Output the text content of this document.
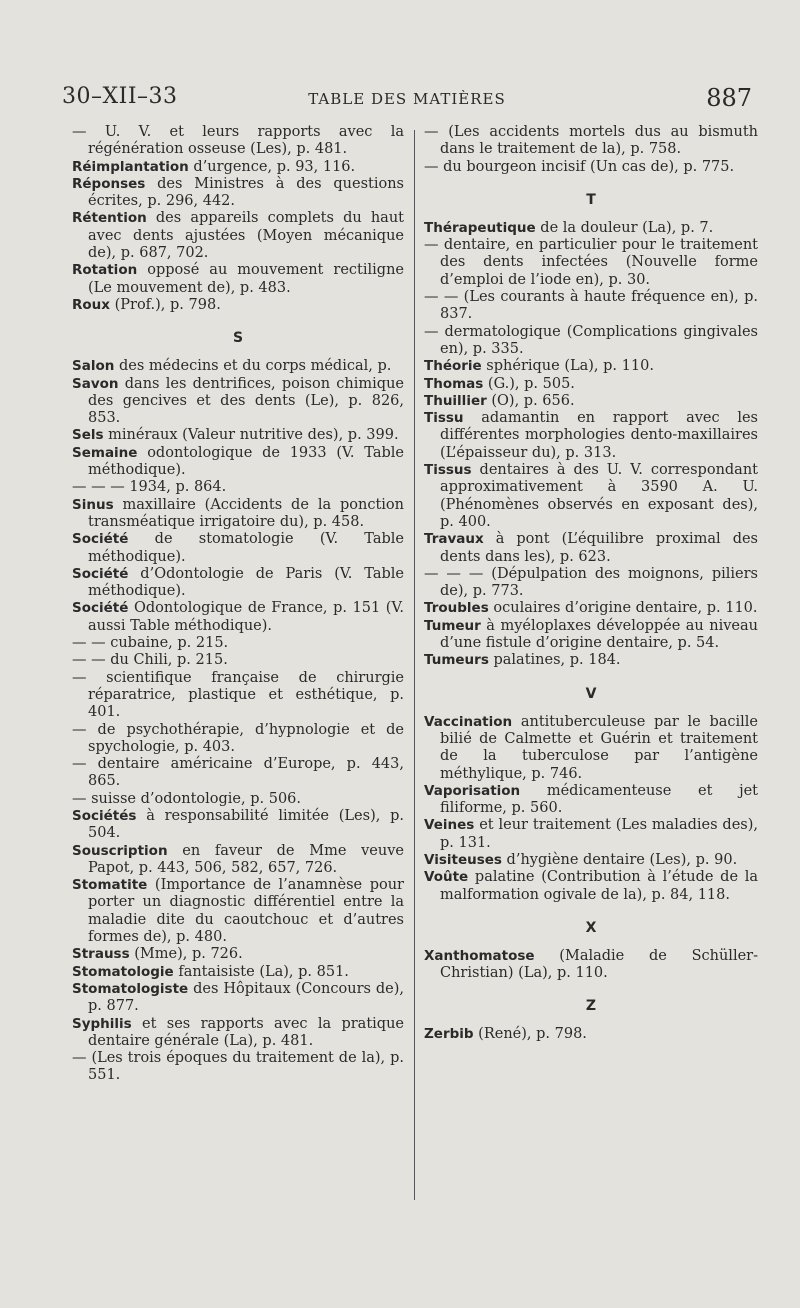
30–XII–33	TABLE DES MATIÈRES	887
— U. V. et leurs rapports avec la régénération osseuse (Les), p. 481.
Réimplantation d’urgence, p. 93, 116.
Réponses des Ministres à des questions écrites, p. 296, 442.
Rétention des appareils complets du haut avec dents ajustées (Moyen mécanique de), p. 687, 702.
Rotation opposé au mouvement rectiligne (Le mouvement de), p. 483.
Roux (Prof.), p. 798.
S
Salon des médecins et du corps médical, p.
Savon dans les dentrifices, poison chimique des gencives et des dents (Le), p. 826, 853.
Sels minéraux (Valeur nutritive des), p. 399.
Semaine odontologique de 1933 (V. Table méthodique).
— — — 1934, p. 864.
Sinus maxillaire (Accidents de la ponction transméatique irrigatoire du), p. 458.
Société de stomatologie (V. Table méthodique).
Société d’Odontologie de Paris (V. Table méthodique).
Société Odontologique de France, p. 151 (V. aussi Table méthodique).
— — cubaine, p. 215.
— — du Chili, p. 215.
— scientifique française de chirurgie réparatrice, plastique et esthétique, p. 401.
— de psychothérapie, d’hypnologie et de spychologie, p. 403.
— dentaire américaine d’Europe, p. 443, 865.
— suisse d’odontologie, p. 506.
Sociétés à responsabilité limitée (Les), p. 504.
Souscription en faveur de Mme veuve Papot, p. 443, 506, 582, 657, 726.
Stomatite (Importance de l’anamnèse pour porter un diagnostic différentiel entre la maladie dite du caoutchouc et d’autres formes de), p. 480.
Strauss (Mme), p. 726.
Stomatologie fantaisiste (La), p. 851.
Stomatologiste des Hôpitaux (Concours de), p. 877.
Syphilis et ses rapports avec la pratique dentaire générale (La), p. 481.
— (Les trois époques du traitement de la), p. 551.
— (Les accidents mortels dus au bismuth dans le traitement de la), p. 758.
— du bourgeon incisif (Un cas de), p. 775.
T
Thérapeutique de la douleur (La), p. 7.
— dentaire, en particulier pour le traitement des dents infectées (Nouvelle forme d’emploi de l’iode en), p. 30.
— — (Les courants à haute fréquence en), p. 837.
— dermatologique (Complications gingivales en), p. 335.
Théorie sphérique (La), p. 110.
Thomas (G.), p. 505.
Thuillier (O), p. 656.
Tissu adamantin en rapport avec les différentes morphologies dento-maxillaires (L’épaisseur du), p. 313.
Tissus dentaires à des U. V. correspondant approximativement à 3590 A. U. (Phénomènes observés en exposant des), p. 400.
Travaux à pont (L’équilibre proximal des dents dans les), p. 623.
— — — (Dépulpation des moignons, piliers de), p. 773.
Troubles oculaires d’origine dentaire, p. 110.
Tumeur à myéloplaxes développée au niveau d’une fistule d’origine dentaire, p. 54.
Tumeurs palatines, p. 184.
V
Vaccination antituberculeuse par le bacille bilié de Calmette et Guérin et traitement de la tuberculose par l’antigène méthylique, p. 746.
Vaporisation médicamenteuse et jet filiforme, p. 560.
Veines et leur traitement (Les maladies des), p. 131.
Visiteuses d’hygiène dentaire (Les), p. 90.
Voûte palatine (Contribution à l’étude de la malformation ogivale de la), p. 84, 118.
X
Xanthomatose (Maladie de Schüller-Christian) (La), p. 110.
Z
Zerbib (René), p. 798.
